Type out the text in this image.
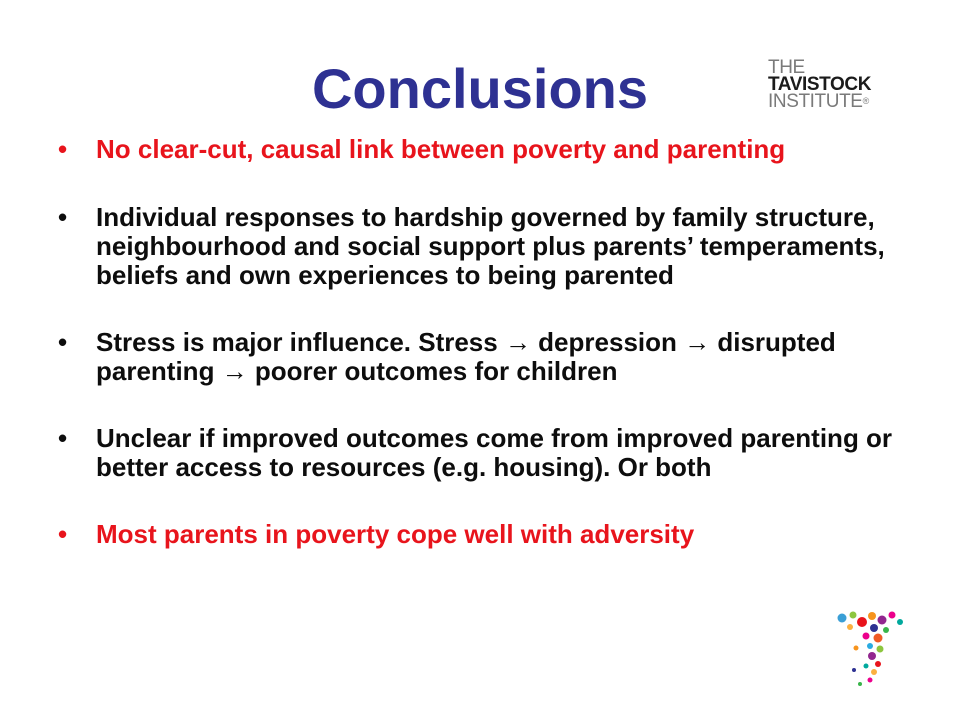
Conclusions	THE
TAVISTOCK
INSTITUTE®
• No clear-cut, causal link between poverty and parenting
• Individual responses to hardship governed by family structure, neighbourhood and social support plus parents’ temperaments, beliefs and own experiences to being parented
• Stress is major influence. Stress → depression → disrupted parenting → poorer outcomes for children
• Unclear if improved outcomes come from improved parenting or better access to resources (e.g. housing). Or both
• Most parents in poverty cope well with adversity
